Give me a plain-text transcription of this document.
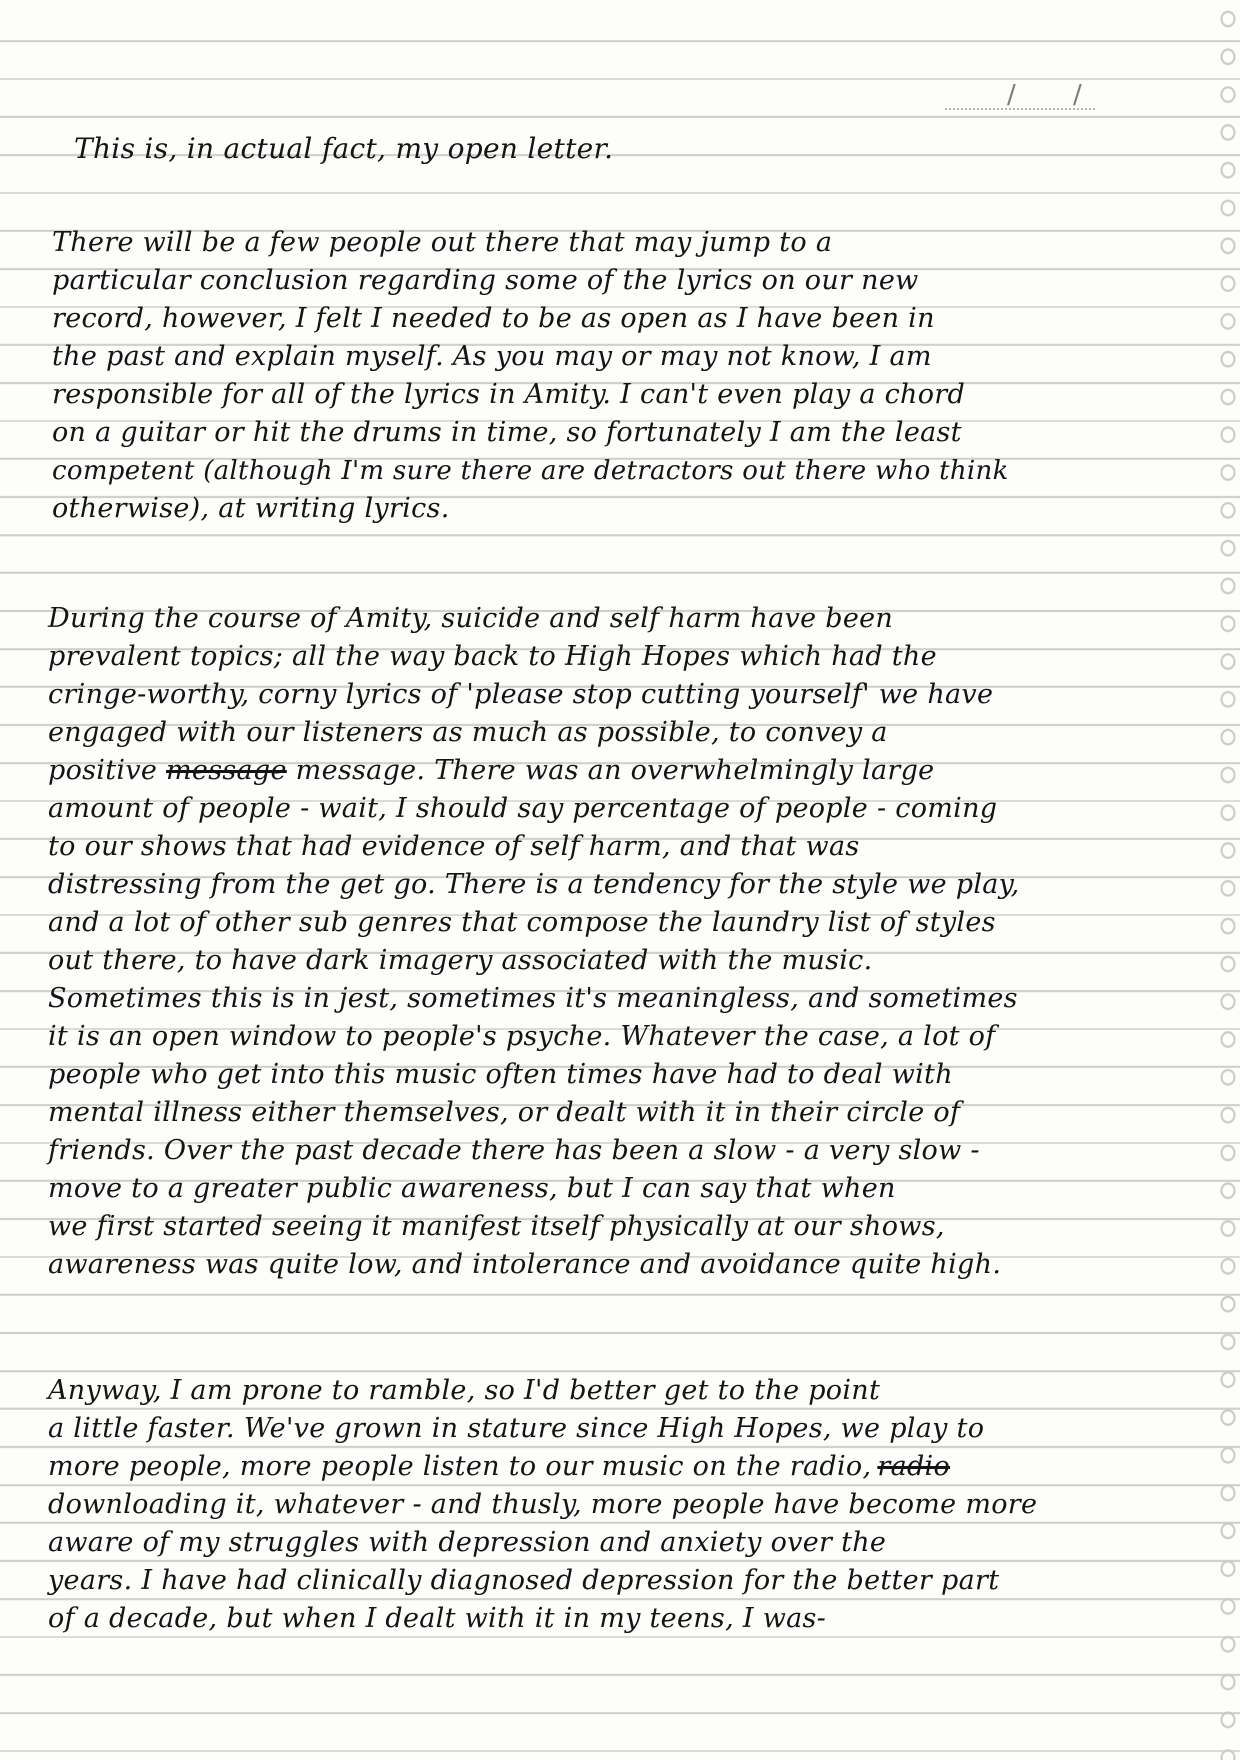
/ /
This is, in actual fact, my open letter.
There will be a few people out there that may jump to a
particular conclusion regarding some of the lyrics on our new
record, however, I felt I needed to be as open as I have been in
the past and explain myself. As you may or may not know, I am
responsible for all of the lyrics in Amity. I can't even play a chord
on a guitar or hit the drums in time, so fortunately I am the least
competent (although I'm sure there are detractors out there who think
otherwise), at writing lyrics.
During the course of Amity, suicide and self harm have been
prevalent topics; all the way back to High Hopes which had the
cringe-worthy, corny lyrics of 'please stop cutting yourself' we have
engaged with our listeners as much as possible, to convey a
positive message message. There was an overwhelmingly large
amount of people - wait, I should say percentage of people - coming
to our shows that had evidence of self harm, and that was
distressing from the get go. There is a tendency for the style we play,
and a lot of other sub genres that compose the laundry list of styles
out there, to have dark imagery associated with the music.
Sometimes this is in jest, sometimes it's meaningless, and sometimes
it is an open window to people's psyche. Whatever the case, a lot of
people who get into this music often times have had to deal with
mental illness either themselves, or dealt with it in their circle of
friends. Over the past decade there has been a slow - a very slow -
move to a greater public awareness, but I can say that when
we first started seeing it manifest itself physically at our shows,
awareness was quite low, and intolerance and avoidance quite high.
Anyway, I am prone to ramble, so I'd better get to the point
a little faster. We've grown in stature since High Hopes, we play to
more people, more people listen to our music on the radio, radio
downloading it, whatever - and thusly, more people have become more
aware of my struggles with depression and anxiety over the
years. I have had clinically diagnosed depression for the better part
of a decade, but when I dealt with it in my teens, I was-
